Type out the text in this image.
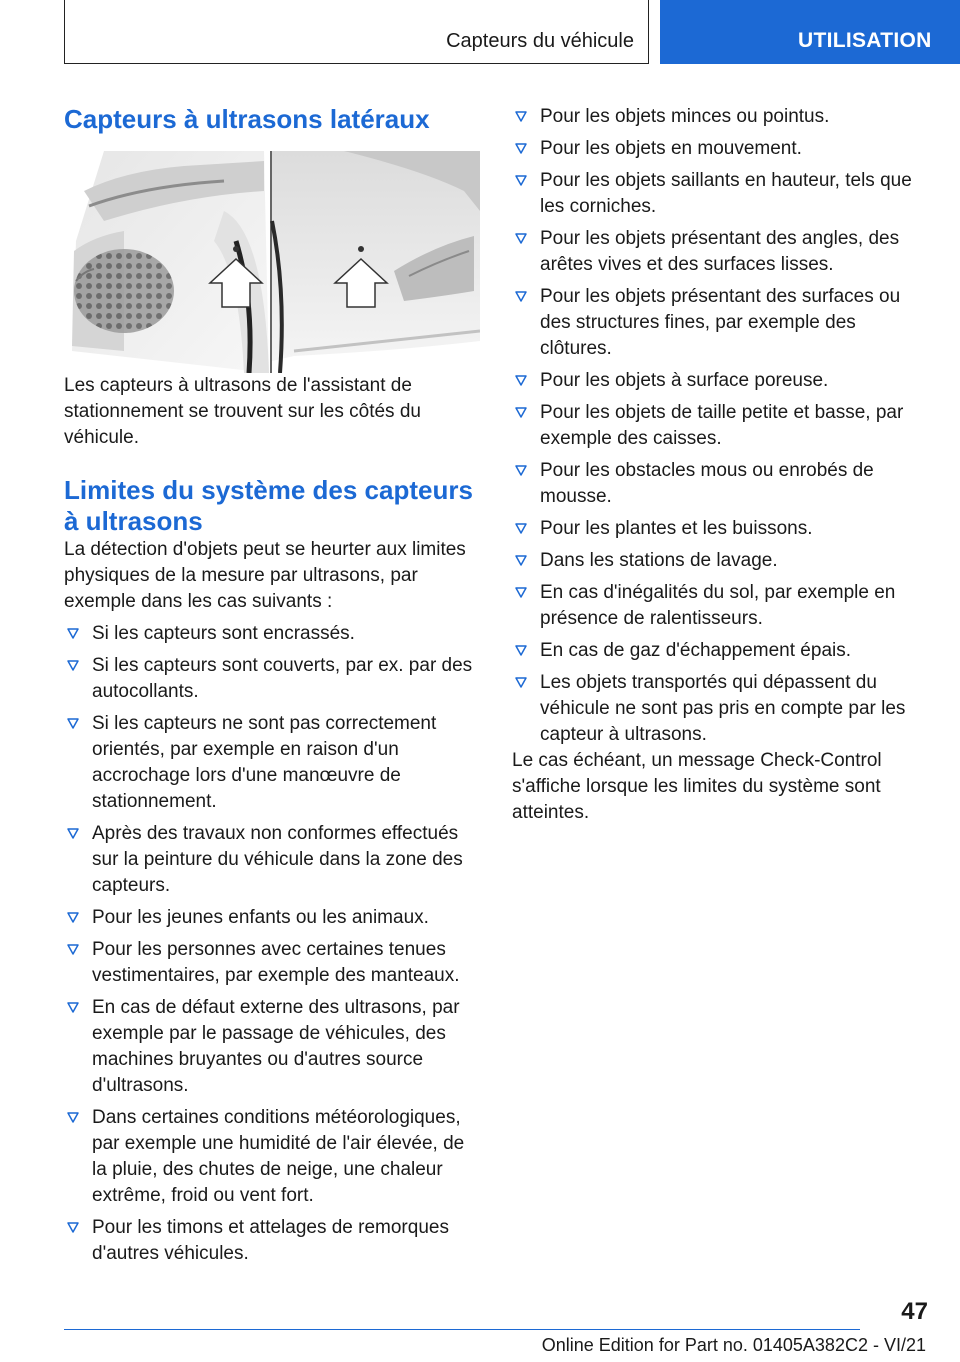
Capteurs du véhicule	UTILISATION
Capteurs à ultrasons latéraux

Les capteurs à ultrasons de l'assistant de stationnement se trouvent sur les côtés du véhicule.

Limites du système des capteurs à ultrasons

La détection d'objets peut se heurter aux limites physiques de la mesure par ultrasons, par exemple dans les cas suivants :

Si les capteurs sont encrassés.
Si les capteurs sont couverts, par ex. par des autocollants.
Si les capteurs ne sont pas correctement orientés, par exemple en raison d'un accrochage lors d'une manœuvre de stationnement.
Après des travaux non conformes effectués sur la peinture du véhicule dans la zone des capteurs.
Pour les jeunes enfants ou les animaux.
Pour les personnes avec certaines tenues vestimentaires, par exemple des manteaux.
En cas de défaut externe des ultrasons, par exemple par le passage de véhicules, des machines bruyantes ou d'autres source d'ultrasons.
Dans certaines conditions météorologiques, par exemple une humidité de l'air élevée, de la pluie, des chutes de neige, une chaleur extrême, froid ou vent fort.
Pour les timons et attelages de remorques d'autres véhicules.
Pour les objets minces ou pointus.
Pour les objets en mouvement.
Pour les objets saillants en hauteur, tels que les corniches.
Pour les objets présentant des angles, des arêtes vives et des surfaces lisses.
Pour les objets présentant des surfaces ou des structures fines, par exemple des clôtures.
Pour les objets à surface poreuse.
Pour les objets de taille petite et basse, par exemple des caisses.
Pour les obstacles mous ou enrobés de mousse.
Pour les plantes et les buissons.
Dans les stations de lavage.
En cas d'inégalités du sol, par exemple en présence de ralentisseurs.
En cas de gaz d'échappement épais.
Les objets transportés qui dépassent du véhicule ne sont pas pris en compte par les capteur à ultrasons.

Le cas échéant, un message Check-Control s'affiche lorsque les limites du système sont atteintes.

47
Online Edition for Part no. 01405A382C2 - VI/21
